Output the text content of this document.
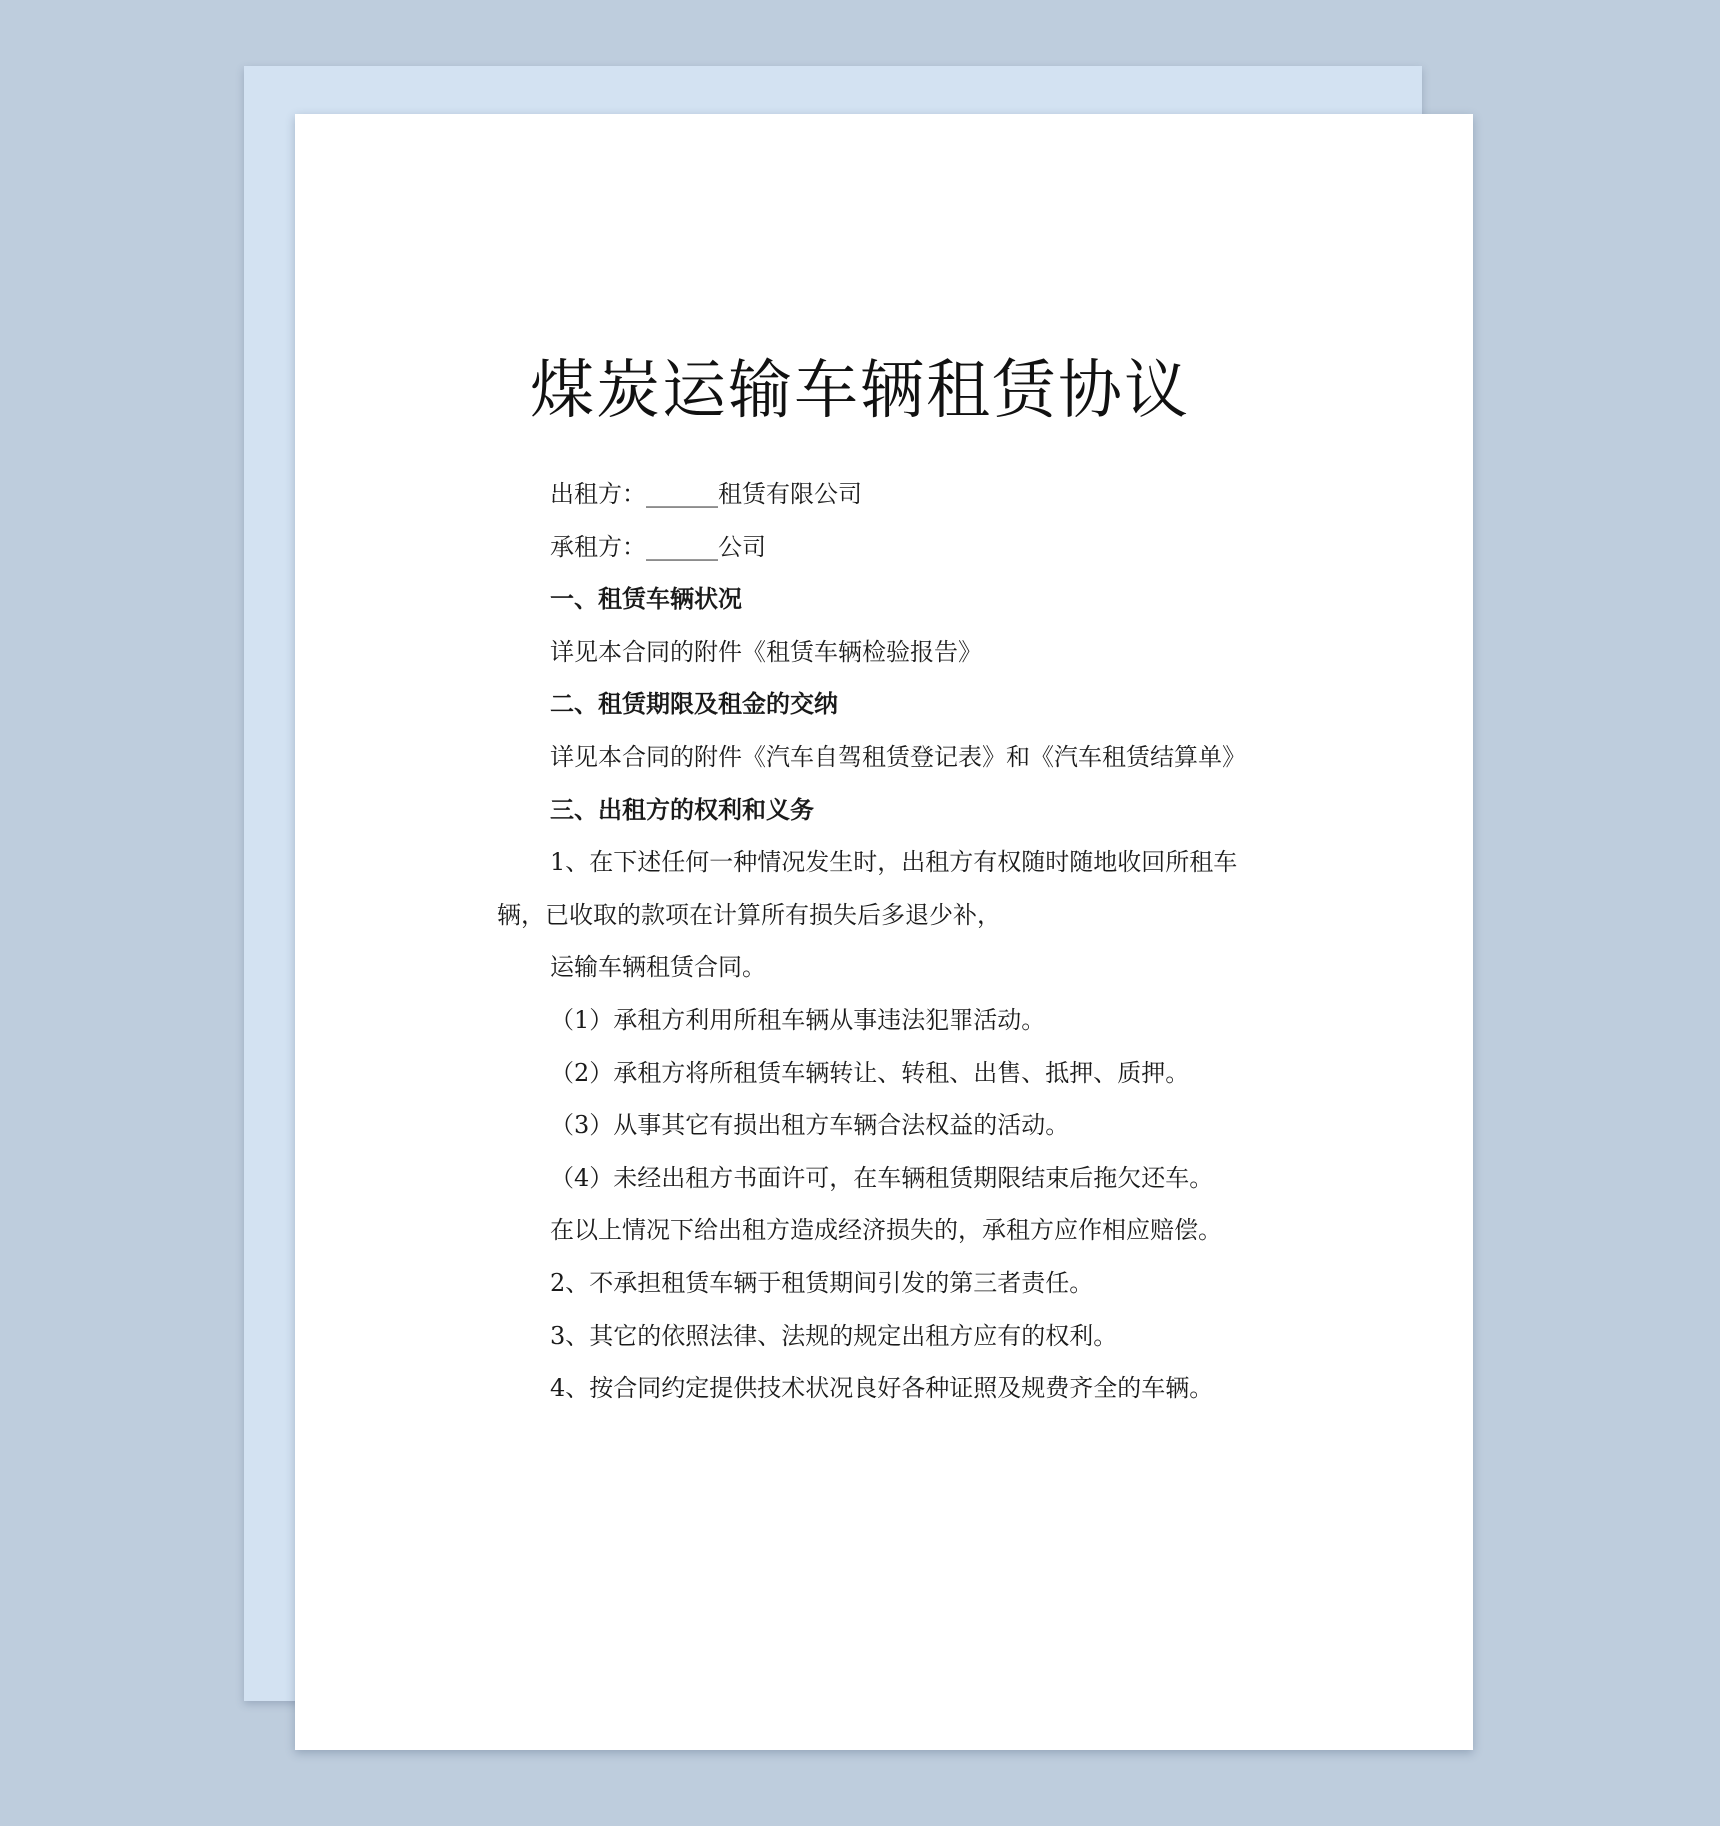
煤炭运输车辆租赁协议

出租方：______租赁有限公司

承租方：______公司

一、租赁车辆状况

详见本合同的附件《租赁车辆检验报告》

二、租赁期限及租金的交纳

详见本合同的附件《汽车自驾租赁登记表》和《汽车租赁结算单》

三、出租方的权利和义务

1、在下述任何一种情况发生时，出租方有权随时随地收回所租车辆，已收取的款项在计算所有损失后多退少补，

运输车辆租赁合同。

（1）承租方利用所租车辆从事违法犯罪活动。

（2）承租方将所租赁车辆转让、转租、出售、抵押、质押。

（3）从事其它有损出租方车辆合法权益的活动。

（4）未经出租方书面许可，在车辆租赁期限结束后拖欠还车。

在以上情况下给出租方造成经济损失的，承租方应作相应赔偿。

2、不承担租赁车辆于租赁期间引发的第三者责任。

3、其它的依照法律、法规的规定出租方应有的权利。

4、按合同约定提供技术状况良好各种证照及规费齐全的车辆。
